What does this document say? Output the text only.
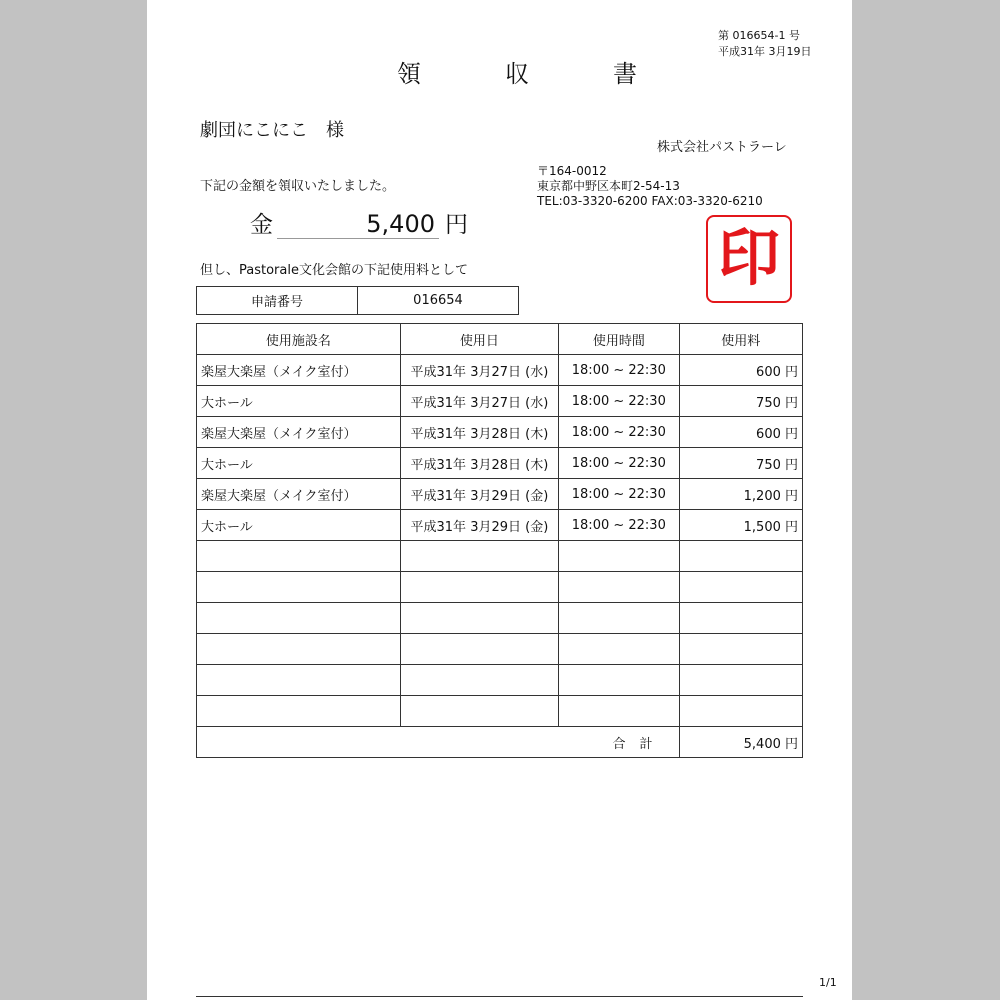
第 016654-1 号
平成31年 3月19日
領	収	書
劇団にこにこ　様
株式会社パストラーレ
〒164-0012
東京都中野区本町2-54-13
TEL:03-3320-6200 FAX:03-3320-6210
下記の金額を領収いたしました。
金	5,400 円	印
但し、Pastorale文化会館の下記使用料として
申請番号	016654
使用施設名	使用日	使用時間	使用料
楽屋大楽屋（メイク室付）	平成31年 3月27日 (水)	18:00 ~ 22:30	600 円
大ホール	平成31年 3月27日 (水)	18:00 ~ 22:30	750 円
楽屋大楽屋（メイク室付）	平成31年 3月28日 (木)	18:00 ~ 22:30	600 円
大ホール	平成31年 3月28日 (木)	18:00 ~ 22:30	750 円
楽屋大楽屋（メイク室付）	平成31年 3月29日 (金)	18:00 ~ 22:30	1,200 円
大ホール	平成31年 3月29日 (金)	18:00 ~ 22:30	1,500 円

合計			5,400 円
1/1
